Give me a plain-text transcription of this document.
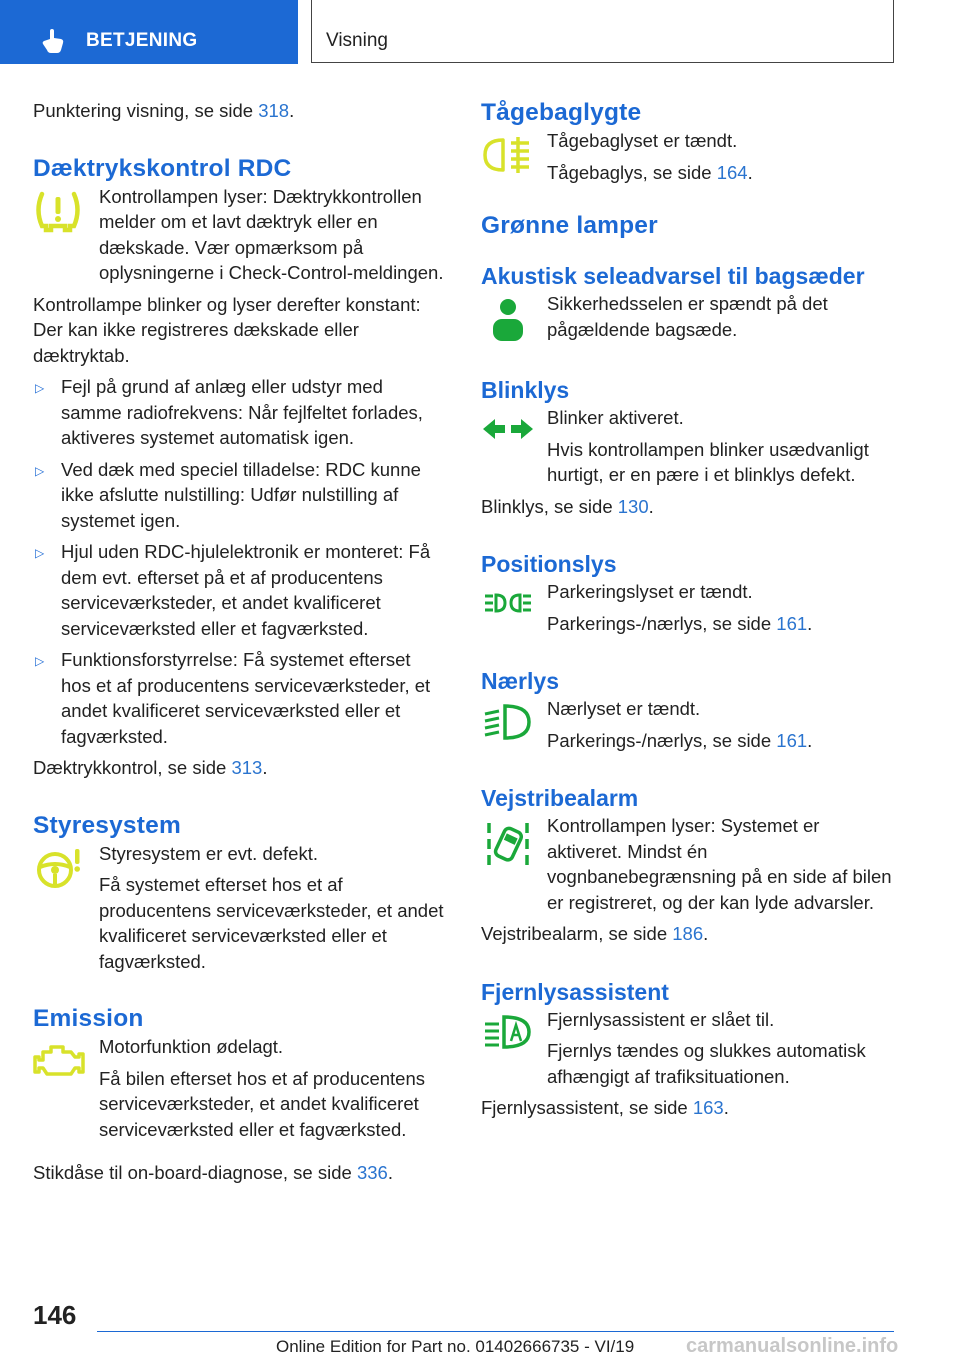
BETJENING	Visning

Punktering visning, se side 318.

Dæktrykskontrol RDC

Kontrollampen lyser: Dæktrykkontrollen melder om et lavt dæktryk eller en dækskade. Vær opmærksom på oplysningerne i Check-Control-meldingen.

Kontrollampe blinker og lyser derefter konstant: Der kan ikke registreres dækskade eller dæktryktab.

▷ Fejl på grund af anlæg eller udstyr med samme radiofrekvens: Når fejlfeltet forlades, aktiveres systemet automatisk igen.
▷ Ved dæk med speciel tilladelse: RDC kunne ikke afslutte nulstilling: Udfør nulstilling af systemet igen.
▷ Hjul uden RDC-hjulelektronik er monteret: Få dem evt. efterset på et af producentens serviceværksteder, et andet kvalificeret serviceværksted eller et fagværksted.
▷ Funktionsforstyrrelse: Få systemet efterset hos et af producentens serviceværksteder, et andet kvalificeret serviceværksted eller et fagværksted.

Dæktrykkontrol, se side 313.

Styresystem

Styresystem er evt. defekt.

Få systemet efterset hos et af producentens serviceværksteder, et andet kvalificeret serviceværksted eller et fagværksted.

Emission

Motorfunktion ødelagt.

Få bilen efterset hos et af producentens serviceværksteder, et andet kvalificeret serviceværksted eller et fagværksted.

Stikdåse til on-board-diagnose, se side 336.

Tågebaglygte

Tågebaglyset er tændt.

Tågebaglys, se side 164.

Grønne lamper
Akustisk seleadvarsel til bagsæder

Sikkerhedsselen er spændt på det pågældende bagsæde.

Blinklys

Blinker aktiveret.

Hvis kontrollampen blinker usædvanligt hurtigt, er en pære i et blinklys defekt.

Blinklys, se side 130.

Positionslys

Parkeringslyset er tændt.

Parkerings-/nærlys, se side 161.

Nærlys

Nærlyset er tændt.

Parkerings-/nærlys, se side 161.

Vejstribealarm

Kontrollampen lyser: Systemet er aktiveret. Mindst én vognbanebegrænsning på en side af bilen er registreret, og der kan lyde advarsler.

Vejstribealarm, se side 186.

Fjernlysassistent

Fjernlysassistent er slået til.

Fjernlys tændes og slukkes automatisk afhængigt af trafiksituationen.

Fjernlysassistent, se side 163.

146
Online Edition for Part no. 01402666735 - VI/19	carmanualsonline.info
